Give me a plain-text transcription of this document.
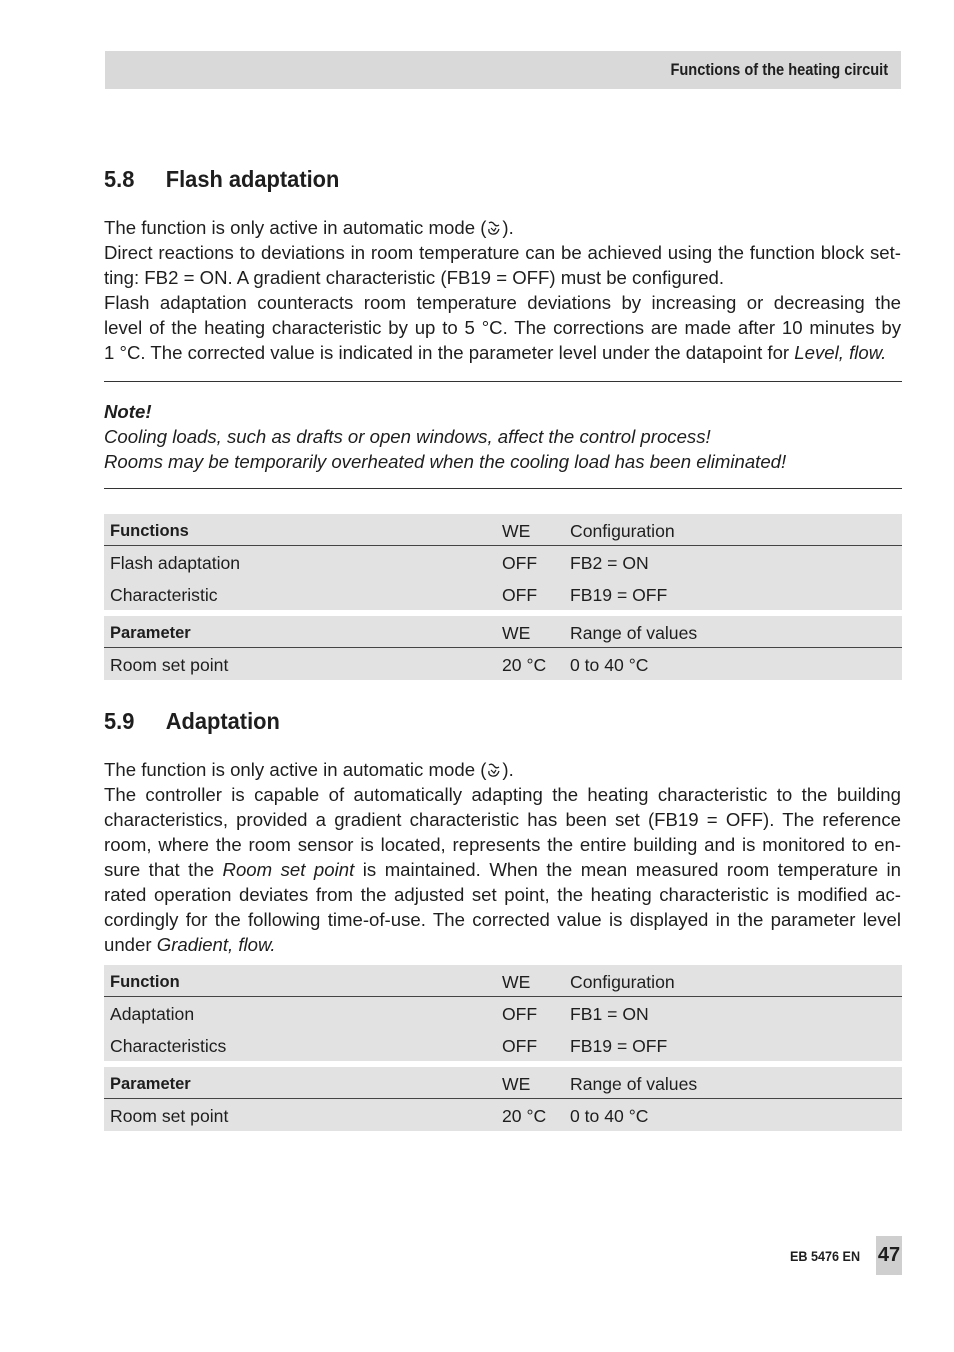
Functions of the heating circuit
5.8 Flash adaptation
The function is only active in automatic mode ( ).
Direct reactions to deviations in room temperature can be achieved using the function block set-
ting: FB2 = ON. A gradient characteristic (FB19 = OFF) must be configured.
Flash adaptation counteracts room temperature deviations by increasing or decreasing the
level of the heating characteristic by up to 5 °C. The corrections are made after 10 minutes by
1 °C. The corrected value is indicated in the parameter level under the datapoint for Level, flow.
Note!
Cooling loads, such as drafts or open windows, affect the control process!
Rooms may be temporarily overheated when the cooling load has been eliminated!
Functions	WE Configuration
Flash adaptation	OFF FB2 = ON
Characteristic	OFF FB19 = OFF
Parameter	WE Range of values
Room set point	20 °C 0 to 40 °C
5.9 Adaptation
The function is only active in automatic mode ( ).
The controller is capable of automatically adapting the heating characteristic to the building
characteristics, provided a gradient characteristic has been set (FB19 = OFF). The reference
room, where the room sensor is located, represents the entire building and is monitored to en-
sure that the Room set point is maintained. When the mean measured room temperature in
rated operation deviates from the adjusted set point, the heating characteristic is modified ac-
cordingly for the following time-of-use. The corrected value is displayed in the parameter level
under Gradient, flow.
Function	WE Configuration
Adaptation	OFF FB1 = ON
Characteristics	OFF FB19 = OFF
Parameter	WE Range of values
Room set point	20 °C 0 to 40 °C
EB 5476 EN 47
